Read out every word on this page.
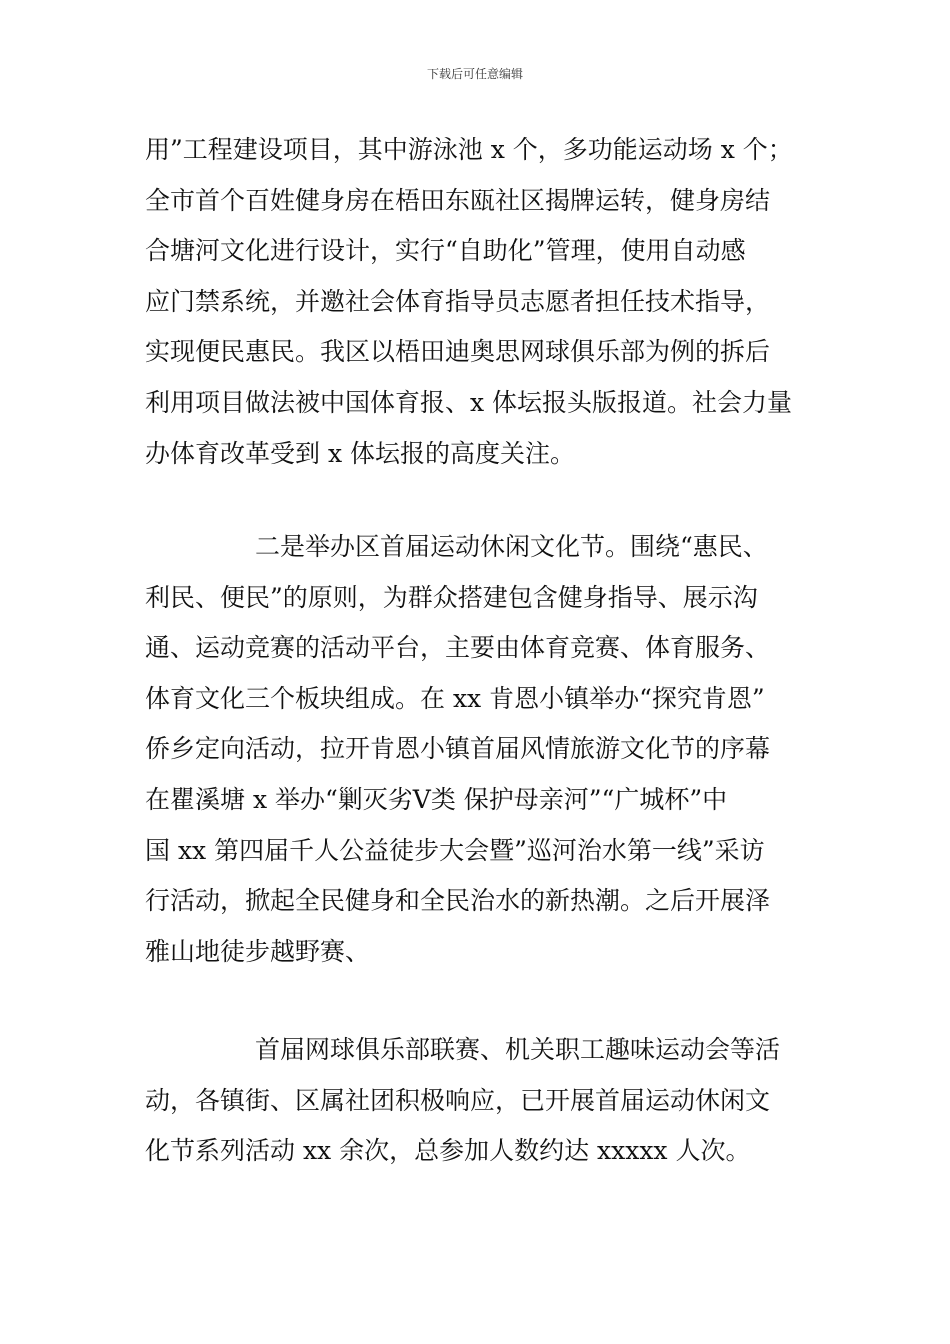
下载后可任意编辑
用”工程建设项目，其中游泳池 x 个，多功能运动场 x 个；
全市首个百姓健身房在梧田东瓯社区揭牌运转，健身房结
合塘河文化进行设计，实行“自助化”管理，使用自动感
应门禁系统，并邀社会体育指导员志愿者担任技术指导，
实现便民惠民。我区以梧田迪奥思网球俱乐部为例的拆后
利用项目做法被中国体育报、x 体坛报头版报道。社会力量
办体育改革受到 x 体坛报的高度关注。
二是举办区首届运动休闲文化节。围绕“惠民、
利民、便民”的原则，为群众搭建包含健身指导、展示沟
通、运动竞赛的活动平台，主要由体育竞赛、体育服务、
体育文化三个板块组成。在 xx 肯恩小镇举办“探究肯恩”
侨乡定向活动，拉开肯恩小镇首届风情旅游文化节的序幕
在瞿溪塘 x 举办“剿灭劣Ⅴ类 保护母亲河”“广城杯”中
国 xx 第四届千人公益徒步大会暨”巡河治水第一线”采访
行活动，掀起全民健身和全民治水的新热潮。之后开展泽
雅山地徒步越野赛、
首届网球俱乐部联赛、机关职工趣味运动会等活
动，各镇街、区属社团积极响应，已开展首届运动休闲文
化节系列活动 xx 余次，总参加人数约达 xxxxx 人次。
